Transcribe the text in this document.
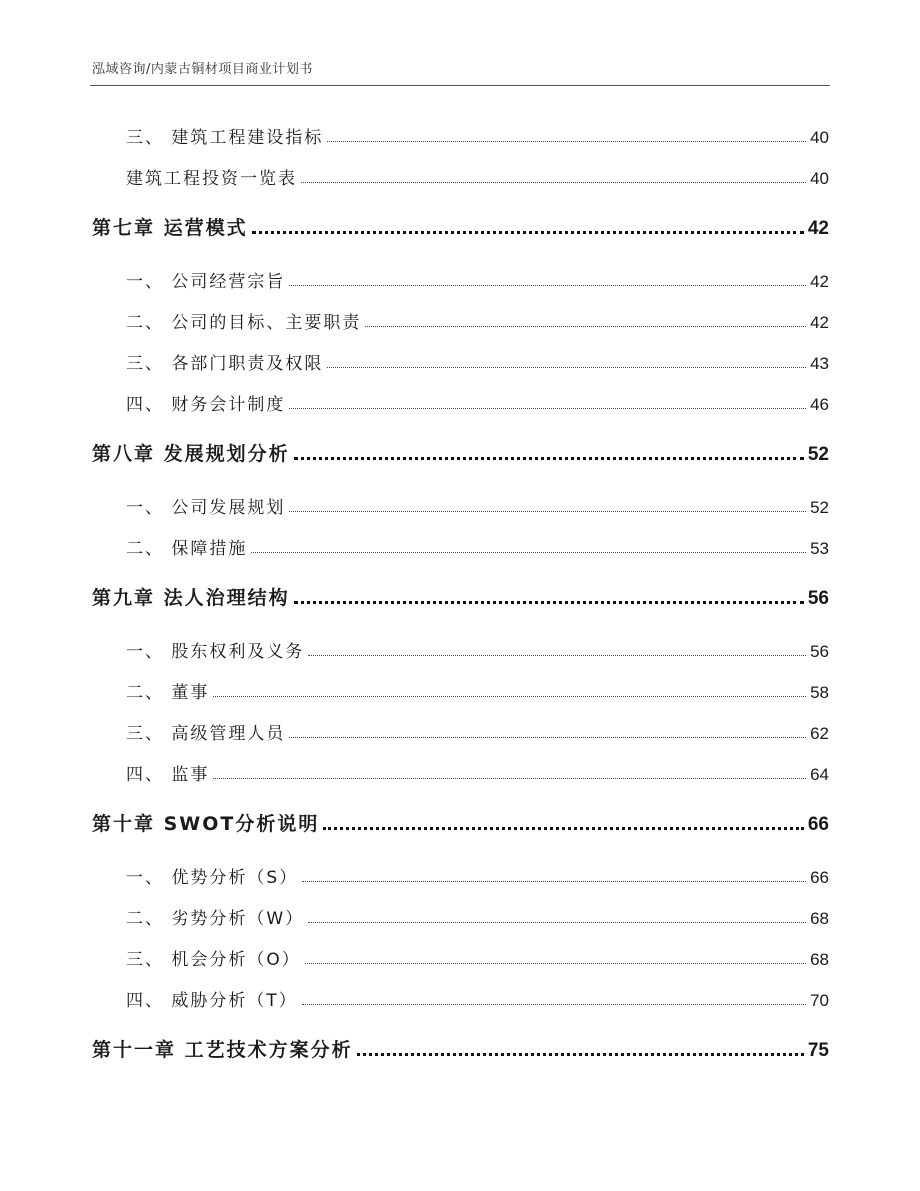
泓域咨询/内蒙古铜材项目商业计划书
三、 建筑工程建设指标	40
建筑工程投资一览表	40
第七章 运营模式	42
一、 公司经营宗旨	42
二、 公司的目标、主要职责	42
三、 各部门职责及权限	43
四、 财务会计制度	46
第八章 发展规划分析	52
一、 公司发展规划	52
二、 保障措施	53
第九章 法人治理结构	56
一、 股东权利及义务	56
二、 董事	58
三、 高级管理人员	62
四、 监事	64
第十章 SWOT分析说明	66
一、 优势分析（S）	66
二、 劣势分析（W）	68
三、 机会分析（O）	68
四、 威胁分析（T）	70
第十一章 工艺技术方案分析	75
